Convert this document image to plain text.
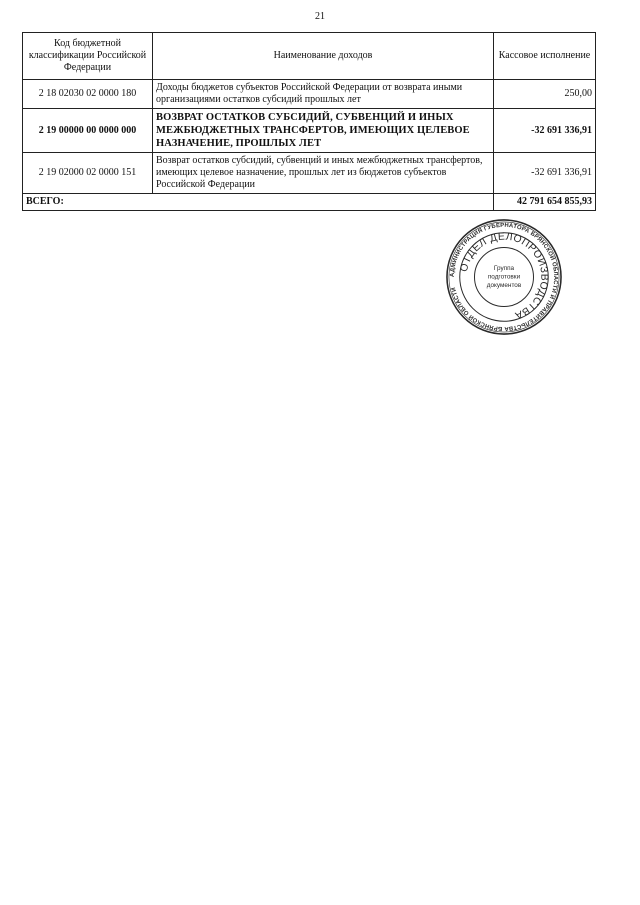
21
Код бюджетной классификации Российской Федерации	Наименование доходов	Кассовое исполнение
2 18 02030 02 0000 180	Доходы бюджетов субъектов Российской Федерации от возврата иными организациями остатков субсидий прошлых лет	250,00
2 19 00000 00 0000 000	ВОЗВРАТ ОСТАТКОВ СУБСИДИЙ, СУБВЕНЦИЙ И ИНЫХ МЕЖБЮДЖЕТНЫХ ТРАНСФЕРТОВ, ИМЕЮЩИХ ЦЕЛЕВОЕ НАЗНАЧЕНИЕ, ПРОШЛЫХ ЛЕТ	-32 691 336,91
2 19 02000 02 0000 151	Возврат остатков субсидий, субвенций и иных межбюджетных трансфертов, имеющих целевое назначение, прошлых лет из бюджетов субъектов Российской Федерации	-32 691 336,91
ВСЕГО:		42 791 654 855,93
АДМИНИСТРАЦИЯ ГУБЕРНАТОРА БРЯНСКОЙ ОБЛАСТИ И ПРАВИТЕЛЬСТВА БРЯНСКОЙ ОБЛАСТИ
ОТДЕЛ ДЕЛОПРОИЗВОДСТВА
Группа
подготовки
документов
